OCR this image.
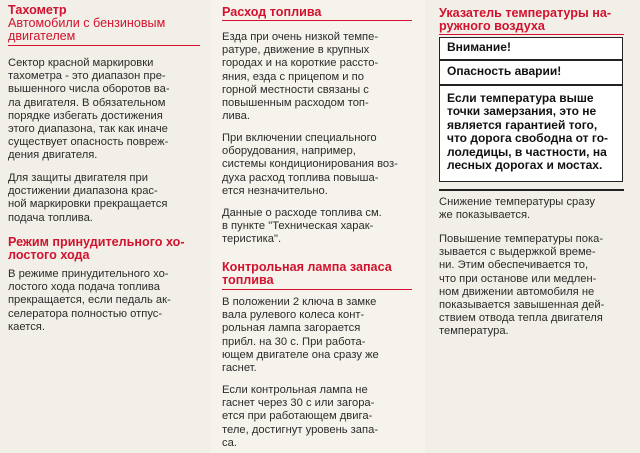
Тахометр
Автомобили с бензиновым
двигателем
Сектор красной маркировки
тахометра - это диапазон пре-
вышенного числа оборотов ва-
ла двигателя. В обязательном
порядке избегать достижения
этого диапазона, так как иначе
существует опасность повреж-
дения двигателя.
Для защиты двигателя при
достижении диапазона крас-
ной маркировки прекращается
подача топлива.
Режим принудительного хо-
лостого хода
В режиме принудительного хо-
лостого хода подача топлива
прекращается, если педаль ак-
селератора полностью отпус-
кается.
Расход топлива
Езда при очень низкой темпе-
ратуре, движение в крупных
городах и на короткие рассто-
яния, езда с прицепом и по
горной местности связаны с
повышенным расходом топ-
лива.
При включении специального
оборудования, например,
системы кондиционирования воз-
духа расход топлива повыша-
ется незначительно.
Данные о расходе топлива см.
в пункте "Техническая харак-
теристика".
Контрольная лампа запаса
топлива
В положении 2 ключа в замке
вала рулевого колеса конт-
рольная лампа загорается
прибл. на 30 с. При работа-
ющем двигателе она сразу же
гаснет.
Если контрольная лампа не
гаснет через 30 с или загора-
ется при работающем двига-
теле, достигнут уровень запа-
са.
Указатель температуры на-
ружного воздуха
Внимание!
Опасность аварии!
Если температура выше
точки замерзания, это не
является гарантией того,
что дорога свободна от го-
лоледицы, в частности, на
лесных дорогах и мостах.
Снижение температуры сразу
же показывается.
Повышение температуры пока-
зывается с выдержкой време-
ни. Этим обеспечивается то,
что при останове или медлен-
ном движении автомобиля не
показывается завышенная дей-
ствием отвода тепла двигателя
температура.
